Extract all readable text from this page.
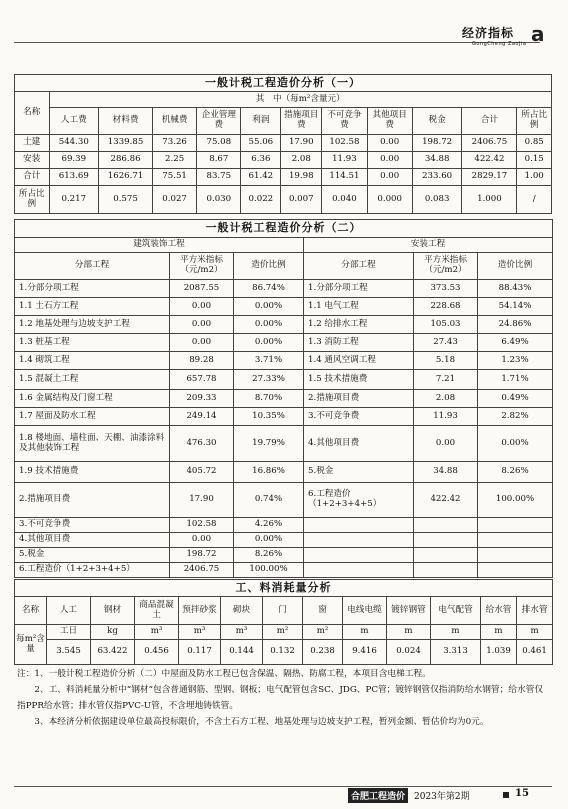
经济指标
GongCheng ZaoJia a
一般计税工程造价分析（一）											
名称	其　中（每m²含量元）										
	人工费	材料费	机械费	企业管理费	利润	措施项目费	不可竞争费	其他项目费	税金	合计	所占比例
土建	544.30	1339.85	73.26	75.08	55.06	17.90	102.58	0.00	198.72	2406.75	0.85
安装	69.39	286.86	2.25	8.67	6.36	2.08	11.93	0.00	34.88	422.42	0.15
合计	613.69	1626.71	75.51	83.75	61.42	19.98	114.51	0.00	233.60	2829.17	1.00
所占比例	0.217	0.575	0.027	0.030	0.022	0.007	0.040	0.000	0.083	1.000	/
一般计税工程造价分析（二）					
建筑装饰工程			安装工程		
分部工程	平方米指标（元/m2）	造价比例	分部工程	平方米指标（元/m2）	造价比例
1.分部分项工程	2087.55	86.74%	1.分部分项工程	373.53	88.43%
1.1 土石方工程	0.00	0.00%	1.1 电气工程	228.68	54.14%
1.2 地基处理与边坡支护工程	0.00	0.00%	1.2 给排水工程	105.03	24.86%
1.3 桩基工程	0.00	0.00%	1.3 消防工程	27.43	6.49%
1.4 砌筑工程	89.28	3.71%	1.4 通风空调工程	5.18	1.23%
1.5 混凝土工程	657.78	27.33%	1.5 技术措施费	7.21	1.71%
1.6 金属结构及门窗工程	209.33	8.70%	2.措施项目费	2.08	0.49%
1.7 屋面及防水工程	249.14	10.35%	3.不可竞争费	11.93	2.82%
1.8 楼地面、墙柱面、天棚、油漆涂料及其他装饰工程	476.30	19.79%	4.其他项目费	0.00	0.00%
1.9 技术措施费	405.72	16.86%	5.税金	34.88	8.26%
2.措施项目费	17.90	0.74%	6.工程造价（1+2+3+4+5）	422.42	100.00%
3.不可竞争费	102.58	4.26%			
4.其他项目费	0.00	0.00%			
5.税金	198.72	8.26%			
6.工程造价（1+2+3+4+5）	2406.75	100.00%			
工、料消耗量分析												
名称	人工	钢材	商品混凝土	预拌砂浆	砌块	门	窗	电线电缆	镀锌钢管	电气配管	给水管	排水管
每m²含量	工日	kg	m³	m³	m³	m²	m²	m	m	m	m	m
	3.545	63.422	0.456	0.117	0.144	0.132	0.238	9.416	0.024	3.313	1.039	0.461

注：1、一般计税工程造价分析（二）中屋面及防水工程已包含保温、隔热、防腐工程，本项目含电梯工程。

2、工、料消耗量分析中“钢材”包含普通钢筋、型钢、钢板；电气配管包含SC、JDG、PC管；镀锌钢管仅指消防给水钢管；给水管仅指PPR给水管；排水管仅指PVC-U管，不含埋地铸铁管。

3、本经济分析依据建设单位最高投标限价，不含土石方工程、地基处理与边坡支护工程，暂列金额、暂估价均为0元。

合肥工程造价 2023年第2期	15
